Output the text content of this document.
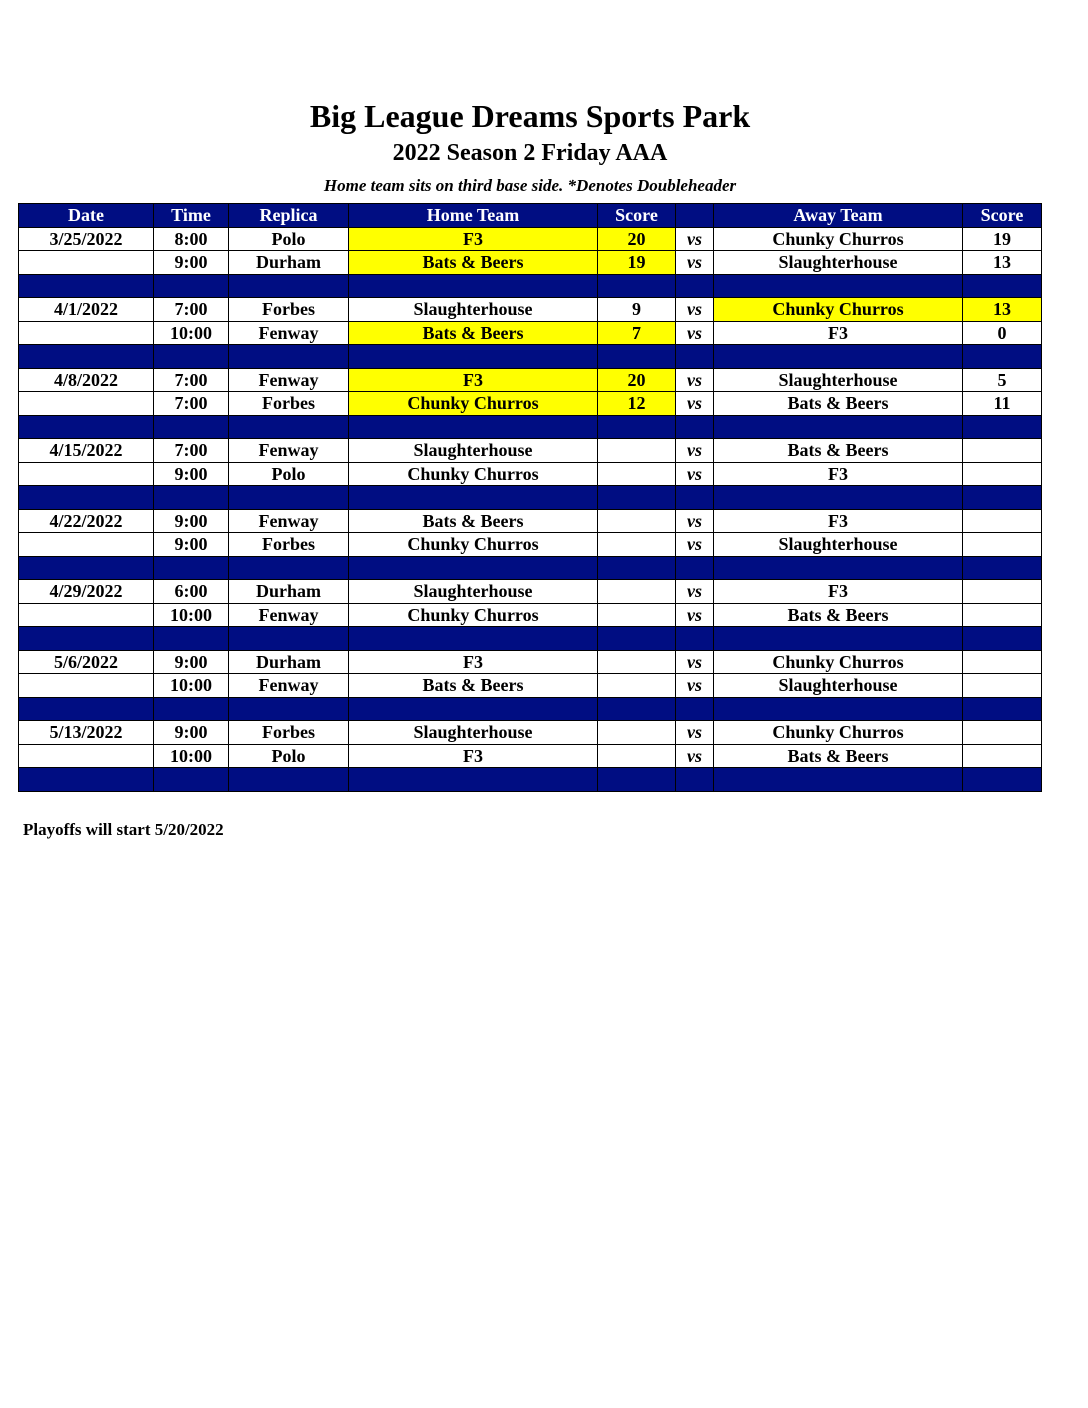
Big League Dreams Sports Park
2022 Season 2 Friday AAA
Home team sits on third base side. *Denotes Doubleheader
Date	Time	Replica	Home Team	Score		Away Team	Score
3/25/2022	8:00	Polo	F3	20	vs	Chunky Churros	19
	9:00	Durham	Bats & Beers	19	vs	Slaughterhouse	13

4/1/2022	7:00	Forbes	Slaughterhouse	9	vs	Chunky Churros	13
	10:00	Fenway	Bats & Beers	7	vs	F3	0

4/8/2022	7:00	Fenway	F3	20	vs	Slaughterhouse	5
	7:00	Forbes	Chunky Churros	12	vs	Bats & Beers	11

4/15/2022	7:00	Fenway	Slaughterhouse		vs	Bats & Beers	
	9:00	Polo	Chunky Churros		vs	F3	

4/22/2022	9:00	Fenway	Bats & Beers		vs	F3	
	9:00	Forbes	Chunky Churros		vs	Slaughterhouse	

4/29/2022	6:00	Durham	Slaughterhouse		vs	F3	
	10:00	Fenway	Chunky Churros		vs	Bats & Beers	

5/6/2022	9:00	Durham	F3		vs	Chunky Churros	
	10:00	Fenway	Bats & Beers		vs	Slaughterhouse	

5/13/2022	9:00	Forbes	Slaughterhouse		vs	Chunky Churros	
	10:00	Polo	F3		vs	Bats & Beers	

Playoffs will start 5/20/2022
